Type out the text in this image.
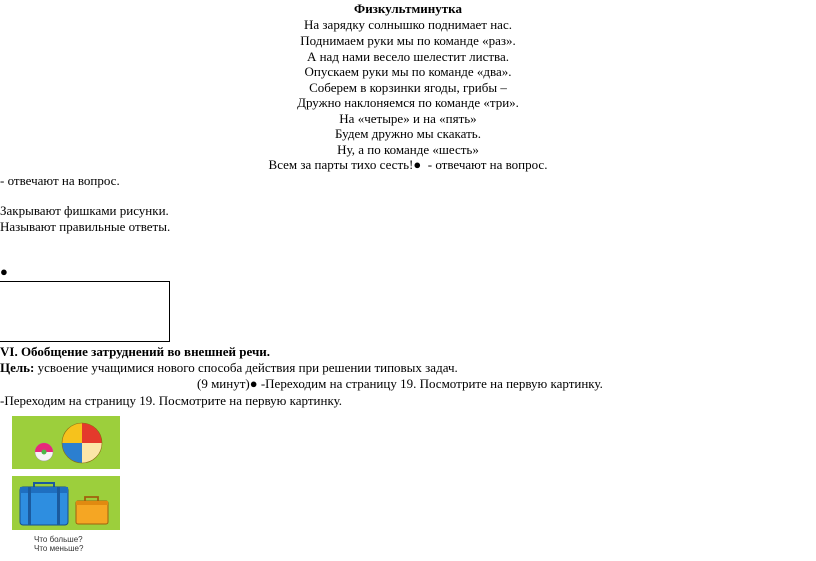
Физкультминутка
На зарядку солнышко поднимает нас.
Поднимаем руки мы по команде «раз».
А над нами весело шелестит листва.
Опускаем руки мы по команде «два».
Соберем в корзинки ягоды, грибы –
Дружно наклоняемся по команде «три».
На «четыре» и на «пять»
Будем дружно мы скакать.
Ну, а по команде «шесть»
Всем за парты тихо сесть!● - отвечают на вопрос.
- отвечают на вопрос.
Закрывают фишками рисунки.
Называют правильные ответы.
●
VI. Обобщение затруднений во внешней речи.
Цель: усвоение учащимися нового способа действия при решении типовых задач.
(9 минут)● -Переходим на страницу 19. Посмотрите на первую картинку.
-Переходим на страницу 19. Посмотрите на первую картинку.
Что больше?
Что меньше?
